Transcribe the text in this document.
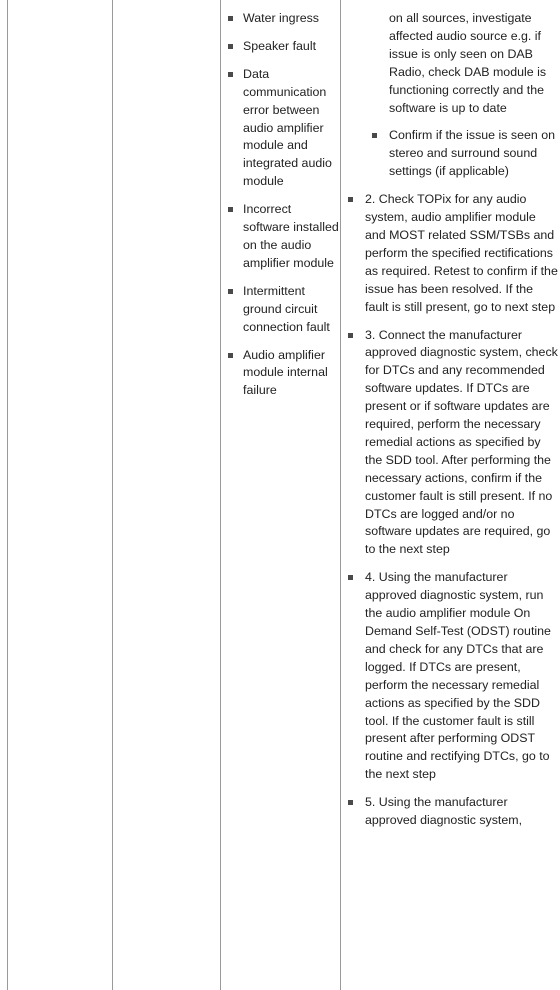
Water ingress
Speaker fault
Data communication error between audio amplifier module and integrated audio module
Incorrect software installed on the audio amplifier module
Intermittent ground circuit connection fault
Audio amplifier module internal failure
on all sources, investigate affected audio source e.g. if issue is only seen on DAB Radio, check DAB module is functioning correctly and the software is up to date
Confirm if the issue is seen on stereo and surround sound settings (if applicable)
2. Check TOPix for any audio system, audio amplifier module and MOST related SSM/TSBs and perform the specified rectifications as required. Retest to confirm if the issue has been resolved. If the fault is still present, go to next step
3. Connect the manufacturer approved diagnostic system, check for DTCs and any recommended software updates. If DTCs are present or if software updates are required, perform the necessary remedial actions as specified by the SDD tool. After performing the necessary actions, confirm if the customer fault is still present. If no DTCs are logged and/or no software updates are required, go to the next step
4. Using the manufacturer approved diagnostic system, run the audio amplifier module On Demand Self-Test (ODST) routine and check for any DTCs that are logged. If DTCs are present, perform the necessary remedial actions as specified by the SDD tool. If the customer fault is still present after performing ODST routine and rectifying DTCs, go to the next step
5. Using the manufacturer approved diagnostic system,
